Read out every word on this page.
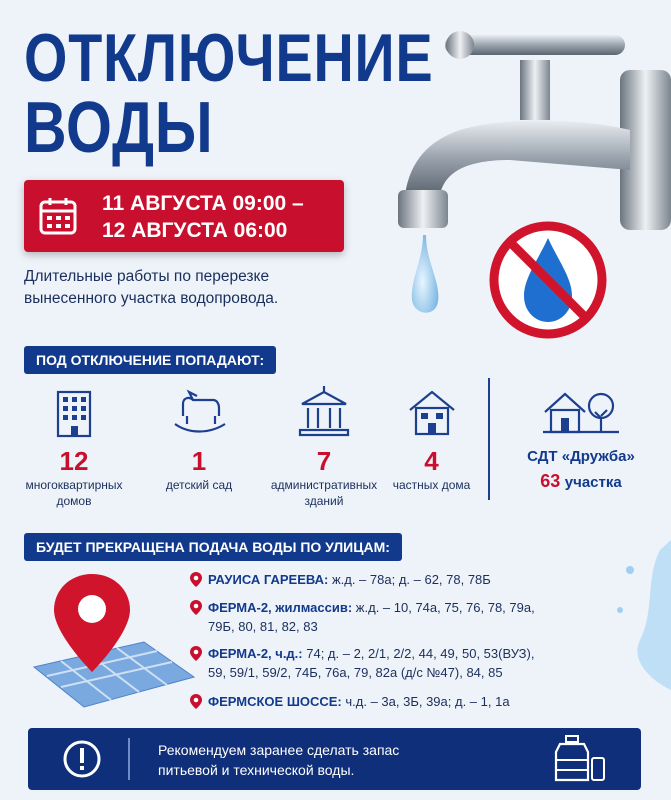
ОТКЛЮЧЕНИЕ
ВОДЫ
11 АВГУСТА 09:00 –
12 АВГУСТА 06:00
Длительные работы по перерезке
вынесенного участка водопровода.
ПОД ОТКЛЮЧЕНИЕ ПОПАДАЮТ:
12
многоквартирных
домов
1
детский сад
7
административных
зданий
4
частных дома
СДТ «Дружба»
63 участка
БУДЕТ ПРЕКРАЩЕНА ПОДАЧА ВОДЫ ПО УЛИЦАМ:
РАУИСА ГАРЕЕВА: ж.д. – 78а; д. – 62, 78, 78Б
ФЕРМА-2, жилмассив: ж.д. – 10, 74а, 75, 76, 78, 79а,
79Б, 80, 81, 82, 83
ФЕРМА-2, ч.д.: 74; д. – 2, 2/1, 2/2, 44, 49, 50, 53(ВУЗ),
59, 59/1, 59/2, 74Б, 76а, 79, 82а (д/с №47), 84, 85
ФЕРМСКОЕ ШОССЕ: ч.д. – 3а, 3Б, 39а; д. – 1, 1а
Рекомендуем заранее сделать запас
питьевой и технической воды.
